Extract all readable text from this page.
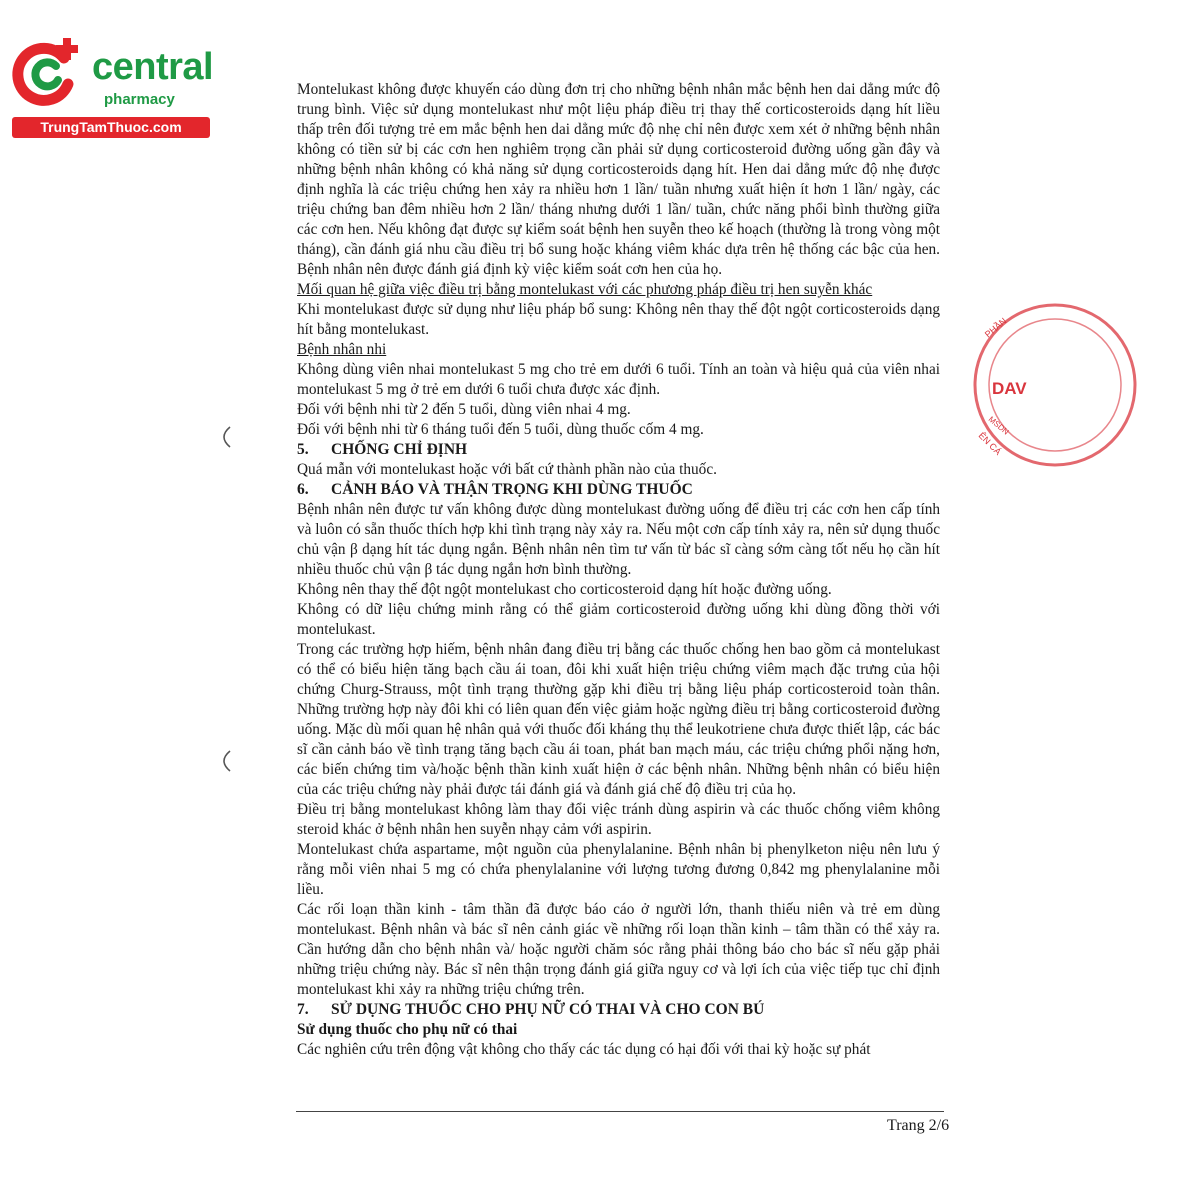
central
pharmacy
TrungTamThuoc.com
PHẦN
DAV
MSDN
ÊN CÁ

Montelukast không được khuyến cáo dùng đơn trị cho những bệnh nhân mắc bệnh hen dai dẳng mức độ trung bình. Việc sử dụng montelukast như một liệu pháp điều trị thay thế corticosteroids dạng hít liều thấp trên đối tượng trẻ em mắc bệnh hen dai dẳng mức độ nhẹ chỉ nên được xem xét ở những bệnh nhân không có tiền sử bị các cơn hen nghiêm trọng cần phải sử dụng corticosteroid đường uống gần đây và những bệnh nhân không có khả năng sử dụng corticosteroids dạng hít. Hen dai dẳng mức độ nhẹ được định nghĩa là các triệu chứng hen xảy ra nhiều hơn 1 lần/ tuần nhưng xuất hiện ít hơn 1 lần/ ngày, các triệu chứng ban đêm nhiều hơn 2 lần/ tháng nhưng dưới 1 lần/ tuần, chức năng phổi bình thường giữa các cơn hen. Nếu không đạt được sự kiểm soát bệnh hen suyễn theo kế hoạch (thường là trong vòng một tháng), cần đánh giá nhu cầu điều trị bổ sung hoặc kháng viêm khác dựa trên hệ thống các bậc của hen. Bệnh nhân nên được đánh giá định kỳ việc kiểm soát cơn hen của họ.

Mối quan hệ giữa việc điều trị bằng montelukast với các phương pháp điều trị hen suyễn khác

Khi montelukast được sử dụng như liệu pháp bổ sung: Không nên thay thế đột ngột corticosteroids dạng hít bằng montelukast.

Bệnh nhân nhi

Không dùng viên nhai montelukast 5 mg cho trẻ em dưới 6 tuổi. Tính an toàn và hiệu quả của viên nhai montelukast 5 mg ở trẻ em dưới 6 tuổi chưa được xác định.

Đối với bệnh nhi từ 2 đến 5 tuổi, dùng viên nhai 4 mg.

Đối với bệnh nhi từ 6 tháng tuổi đến 5 tuổi, dùng thuốc cốm 4 mg.

5. CHỐNG CHỈ ĐỊNH

Quá mẫn với montelukast hoặc với bất cứ thành phần nào của thuốc.

6. CẢNH BÁO VÀ THẬN TRỌNG KHI DÙNG THUỐC

Bệnh nhân nên được tư vấn không được dùng montelukast đường uống để điều trị các cơn hen cấp tính và luôn có sẵn thuốc thích hợp khi tình trạng này xảy ra. Nếu một cơn cấp tính xảy ra, nên sử dụng thuốc chủ vận β dạng hít tác dụng ngắn. Bệnh nhân nên tìm tư vấn từ bác sĩ càng sớm càng tốt nếu họ cần hít nhiều thuốc chủ vận β tác dụng ngắn hơn bình thường.

Không nên thay thế đột ngột montelukast cho corticosteroid dạng hít hoặc đường uống.

Không có dữ liệu chứng minh rằng có thể giảm corticosteroid đường uống khi dùng đồng thời với montelukast.

Trong các trường hợp hiếm, bệnh nhân đang điều trị bằng các thuốc chống hen bao gồm cả montelukast có thể có biểu hiện tăng bạch cầu ái toan, đôi khi xuất hiện triệu chứng viêm mạch đặc trưng của hội chứng Churg-Strauss, một tình trạng thường gặp khi điều trị bằng liệu pháp corticosteroid toàn thân. Những trường hợp này đôi khi có liên quan đến việc giảm hoặc ngừng điều trị bằng corticosteroid đường uống. Mặc dù mối quan hệ nhân quả với thuốc đối kháng thụ thể leukotriene chưa được thiết lập, các bác sĩ cần cảnh báo về tình trạng tăng bạch cầu ái toan, phát ban mạch máu, các triệu chứng phổi nặng hơn, các biến chứng tim và/hoặc bệnh thần kinh xuất hiện ở các bệnh nhân. Những bệnh nhân có biểu hiện của các triệu chứng này phải được tái đánh giá và đánh giá chế độ điều trị của họ.

Điều trị bằng montelukast không làm thay đổi việc tránh dùng aspirin và các thuốc chống viêm không steroid khác ở bệnh nhân hen suyễn nhạy cảm với aspirin.

Montelukast chứa aspartame, một nguồn của phenylalanine. Bệnh nhân bị phenylketon niệu nên lưu ý rằng mỗi viên nhai 5 mg có chứa phenylalanine với lượng tương đương 0,842 mg phenylalanine mỗi liều.

Các rối loạn thần kinh - tâm thần đã được báo cáo ở người lớn, thanh thiếu niên và trẻ em dùng montelukast. Bệnh nhân và bác sĩ nên cảnh giác về những rối loạn thần kinh – tâm thần có thể xảy ra. Cần hướng dẫn cho bệnh nhân và/ hoặc người chăm sóc rằng phải thông báo cho bác sĩ nếu gặp phải những triệu chứng này. Bác sĩ nên thận trọng đánh giá giữa nguy cơ và lợi ích của việc tiếp tục chỉ định montelukast khi xảy ra những triệu chứng trên.

7. SỬ DỤNG THUỐC CHO PHỤ NỮ CÓ THAI VÀ CHO CON BÚ

Sử dụng thuốc cho phụ nữ có thai

Các nghiên cứu trên động vật không cho thấy các tác dụng có hại đối với thai kỳ hoặc sự phát

Trang 2/6
